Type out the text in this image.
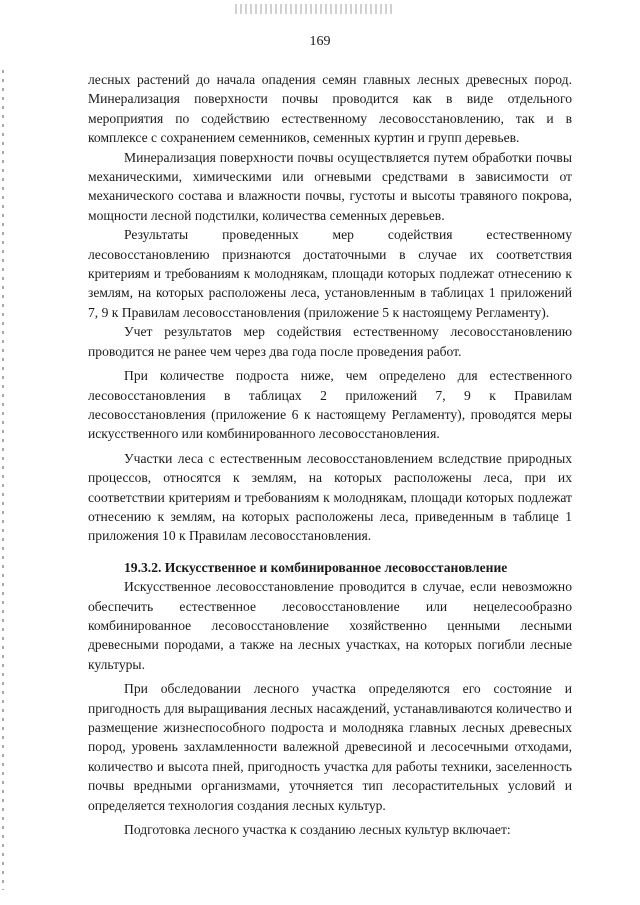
169

лесных растений до начала опадения семян главных лесных древесных пород. Минерализация поверхности почвы проводится как в виде отдельного мероприятия по содействию естественному лесовосстановлению, так и в комплексе с сохранением семенников, семенных куртин и групп деревьев.

Минерализация поверхности почвы осуществляется путем обработки почвы механическими, химическими или огневыми средствами в зависимости от механического состава и влажности почвы, густоты и высоты травяного покрова, мощности лесной подстилки, количества семенных деревьев.

Результаты проведенных мер содействия естественному лесовосстановлению признаются достаточными в случае их соответствия критериям и требованиям к молоднякам, площади которых подлежат отнесению к землям, на которых расположены леса, установленным в таблицах 1 приложений 7, 9 к Правилам лесовосстановления (приложение 5 к настоящему Регламенту).

Учет результатов мер содействия естественному лесовосстановлению проводится не ранее чем через два года после проведения работ.

При количестве подроста ниже, чем определено для естественного лесовосстановления в таблицах 2 приложений 7, 9 к Правилам лесовосстановления (приложение 6 к настоящему Регламенту), проводятся меры искусственного или комбинированного лесовосстановления.

Участки леса с естественным лесовосстановлением вследствие природных процессов, относятся к землям, на которых расположены леса, при их соответствии критериям и требованиям к молоднякам, площади которых подлежат отнесению к землям, на которых расположены леса, приведенным в таблице 1 приложения 10 к Правилам лесовосстановления.

19.3.2. Искусственное и комбинированное лесовосстановление

Искусственное лесовосстановление проводится в случае, если невозможно обеспечить естественное лесовосстановление или нецелесообразно комбинированное лесовосстановление хозяйственно ценными лесными древесными породами, а также на лесных участках, на которых погибли лесные культуры.

При обследовании лесного участка определяются его состояние и пригодность для выращивания лесных насаждений, устанавливаются количество и размещение жизнеспособного подроста и молодняка главных лесных древесных пород, уровень захламленности валежной древесиной и лесосечными отходами, количество и высота пней, пригодность участка для работы техники, заселенность почвы вредными организмами, уточняется тип лесорастительных условий и определяется технология создания лесных культур.

Подготовка лесного участка к созданию лесных культур включает:
